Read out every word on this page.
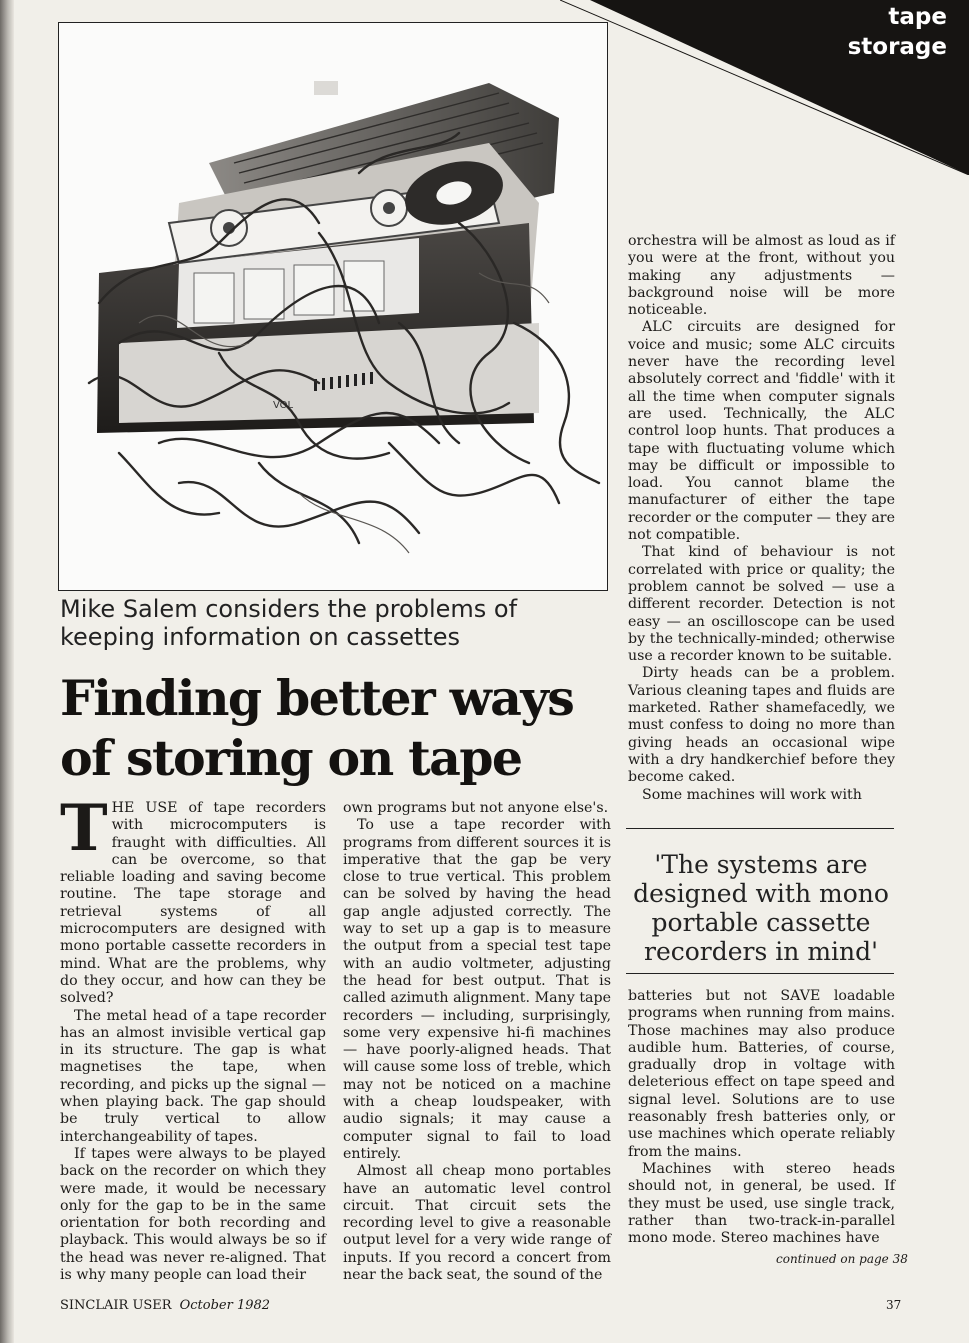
tape
storage
VOL
Mike Salem considers the problems of keeping information on cassettes
Finding better ways
of storing on tape

THE USE of tape recorders with microcomputers is fraught with difficulties. All can be overcome, so that reliable loading and saving become routine. The tape storage and retrieval systems of all microcomputers are designed with mono portable cassette recorders in mind. What are the problems, why do they occur, and how can they be solved?

The metal head of a tape recorder has an almost invisible vertical gap in its structure. The gap is what magnetises the tape, when recording, and picks up the signal — when playing back. The gap should be truly vertical to allow interchangeability of tapes.

If tapes were always to be played back on the recorder on which they were made, it would be necessary only for the gap to be in the same orientation for both recording and playback. This would always be so if the head was never re-aligned. That is why many people can load their

own programs but not anyone else's.

To use a tape recorder with programs from different sources it is imperative that the gap be very close to true vertical. This problem can be solved by having the head gap angle adjusted correctly. The way to set up a gap is to measure the output from a special test tape with an audio voltmeter, adjusting the head for best output. That is called azimuth alignment. Many tape recorders — including, surprisingly, some very expensive hi-fi machines — have poorly-aligned heads. That will cause some loss of treble, which may not be noticed on a machine with a cheap loudspeaker, with audio signals; it may cause a computer signal to fail to load entirely.

Almost all cheap mono portables have an automatic level control circuit. That circuit sets the recording level to give a reasonable output level for a very wide range of inputs. If you record a concert from near the back seat, the sound of the

orchestra will be almost as loud as if you were at the front, without you making any adjustments — background noise will be more noticeable.

ALC circuits are designed for voice and music; some ALC circuits never have the recording level absolutely correct and 'fiddle' with it all the time when computer signals are used. Technically, the ALC control loop hunts. That produces a tape with fluctuating volume which may be difficult or impossible to load. You cannot blame the manufacturer of either the tape recorder or the computer — they are not compatible.

That kind of behaviour is not correlated with price or quality; the problem cannot be solved — use a different recorder. Detection is not easy — an oscilloscope can be used by the technically-minded; otherwise use a recorder known to be suitable.

Dirty heads can be a problem. Various cleaning tapes and fluids are marketed. Rather shamefacedly, we must confess to doing no more than giving heads an occasional wipe with a dry handkerchief before they become caked.

Some machines will work with

'The systems are designed with mono portable cassette recorders in mind'

batteries but not SAVE loadable programs when running from mains. Those machines may also produce audible hum. Batteries, of course, gradually drop in voltage with deleterious effect on tape speed and signal level. Solutions are to use reasonably fresh batteries only, or use machines which operate reliably from the mains.

Machines with stereo heads should not, in general, be used. If they must be used, use single track, rather than two-track-in-parallel mono mode. Stereo machines have

continued on page 38
SINCLAIR USER October 1982	37
